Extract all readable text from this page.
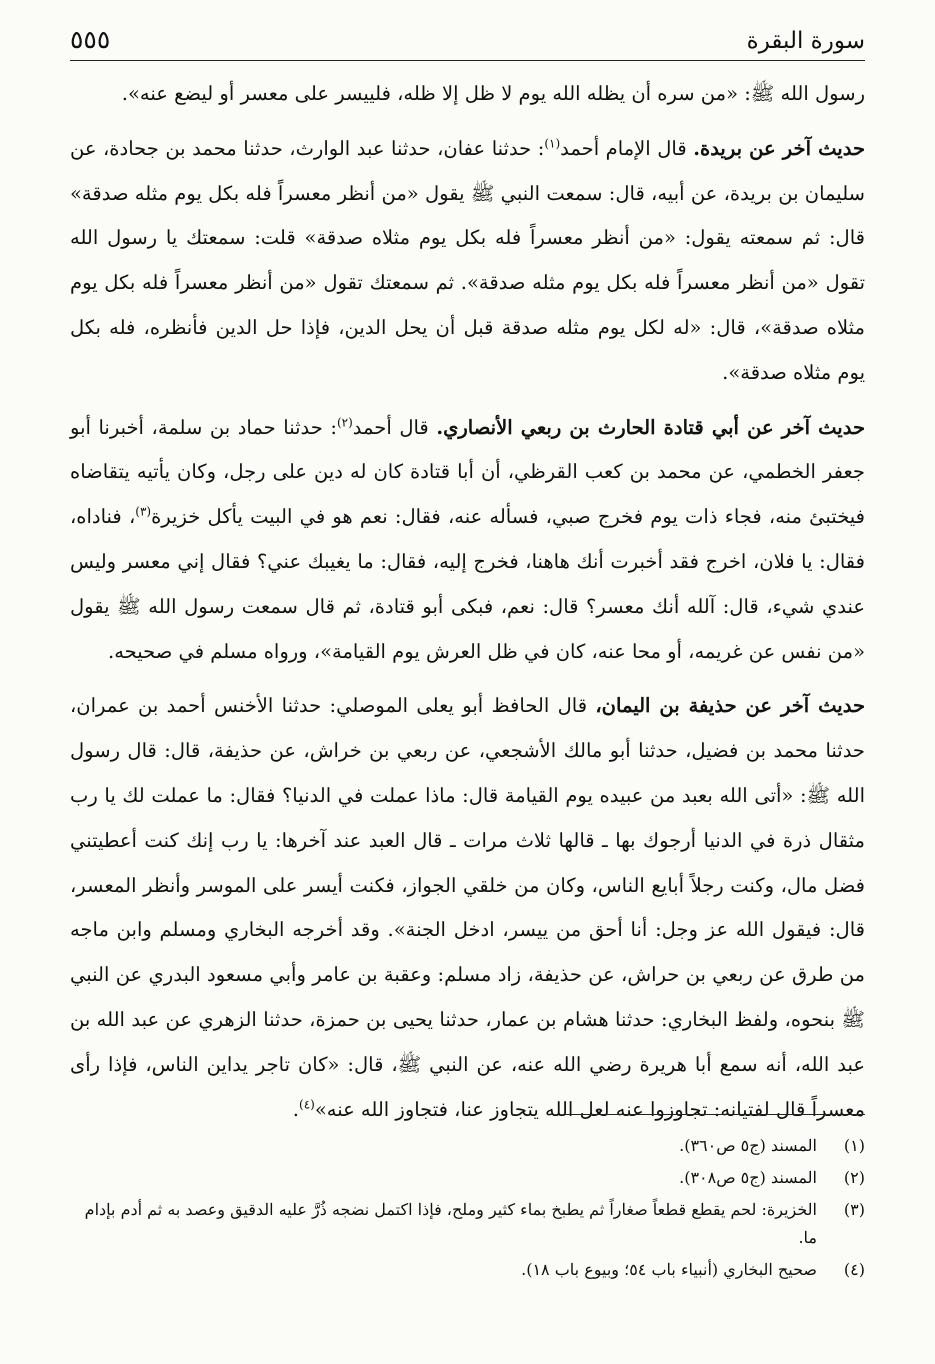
٥٥٥	سورة البقرة

رسول الله ﷺ: «من سره أن يظله الله يوم لا ظل إلا ظله، فلييسر على معسر أو ليضع عنه».

حديث آخر عن بريدة. قال الإمام أحمد$^{(١)}$: حدثنا عفان، حدثنا عبد الوارث، حدثنا محمد بن جحادة، عن سليمان بن بريدة، عن أبيه، قال: سمعت النبي ﷺ يقول «من أنظر معسراً فله بكل يوم مثله صدقة» قال: ثم سمعته يقول: «من أنظر معسراً فله بكل يوم مثلاه صدقة» قلت: سمعتك يا رسول الله تقول «من أنظر معسراً فله بكل يوم مثله صدقة». ثم سمعتك تقول «من أنظر معسراً فله بكل يوم مثلاه صدقة»، قال: «له لكل يوم مثله صدقة قبل أن يحل الدين، فإذا حل الدين فأنظره، فله بكل يوم مثلاه صدقة».

حديث آخر عن أبي قتادة الحارث بن ربعي الأنصاري. قال أحمد$^{(٢)}$: حدثنا حماد بن سلمة، أخبرنا أبو جعفر الخطمي، عن محمد بن كعب القرظي، أن أبا قتادة كان له دين على رجل، وكان يأتيه يتقاضاه فيختبئ منه، فجاء ذات يوم فخرج صبي، فسأله عنه، فقال: نعم هو في البيت يأكل خزيرة$^{(٣)}$، فناداه، فقال: يا فلان، اخرج فقد أخبرت أنك هاهنا، فخرج إليه، فقال: ما يغيبك عني؟ فقال إني معسر وليس عندي شيء، قال: آلله أنك معسر؟ قال: نعم، فبكى أبو قتادة، ثم قال سمعت رسول الله ﷺ يقول «من نفس عن غريمه، أو محا عنه، كان في ظل العرش يوم القيامة»، ورواه مسلم في صحيحه.

حديث آخر عن حذيفة بن اليمان، قال الحافظ أبو يعلى الموصلي: حدثنا الأخنس أحمد بن عمران، حدثنا محمد بن فضيل، حدثنا أبو مالك الأشجعي، عن ربعي بن خراش، عن حذيفة، قال: قال رسول الله ﷺ: «أتى الله بعبد من عبيده يوم القيامة قال: ماذا عملت في الدنيا؟ فقال: ما عملت لك يا رب مثقال ذرة في الدنيا أرجوك بها ـ قالها ثلاث مرات ـ قال العبد عند آخرها: يا رب إنك كنت أعطيتني فضل مال، وكنت رجلاً أبايع الناس، وكان من خلقي الجواز، فكنت أيسر على الموسر وأنظر المعسر، قال: فيقول الله عز وجل: أنا أحق من ييسر، ادخل الجنة». وقد أخرجه البخاري ومسلم وابن ماجه من طرق عن ربعي بن حراش، عن حذيفة، زاد مسلم: وعقبة بن عامر وأبي مسعود البدري عن النبي ﷺ بنحوه، ولفظ البخاري: حدثنا هشام بن عمار، حدثنا يحيى بن حمزة، حدثنا الزهري عن عبد الله بن عبد الله، أنه سمع أبا هريرة رضي الله عنه، عن النبي ﷺ، قال: «كان تاجر يداين الناس، فإذا رأى معسراً قال لفتيانه: تجاوزوا عنه لعل الله يتجاوز عنا، فتجاوز الله عنه»$^{(٤)}$.

(١)
المسند (ج٥ ص٣٦٠).
(٢)
المسند (ج٥ ص٣٠٨).
(٣)
الخزيرة: لحم يقطع قطعاً صغاراً ثم يطبخ بماء كثير وملح، فإذا اكتمل نضجه ذُرَّ عليه الدقيق وعصد به ثم أدم بإدام ما.
(٤)
صحيح البخاري (أنبياء باب ٥٤؛ وبيوع باب ١٨).
